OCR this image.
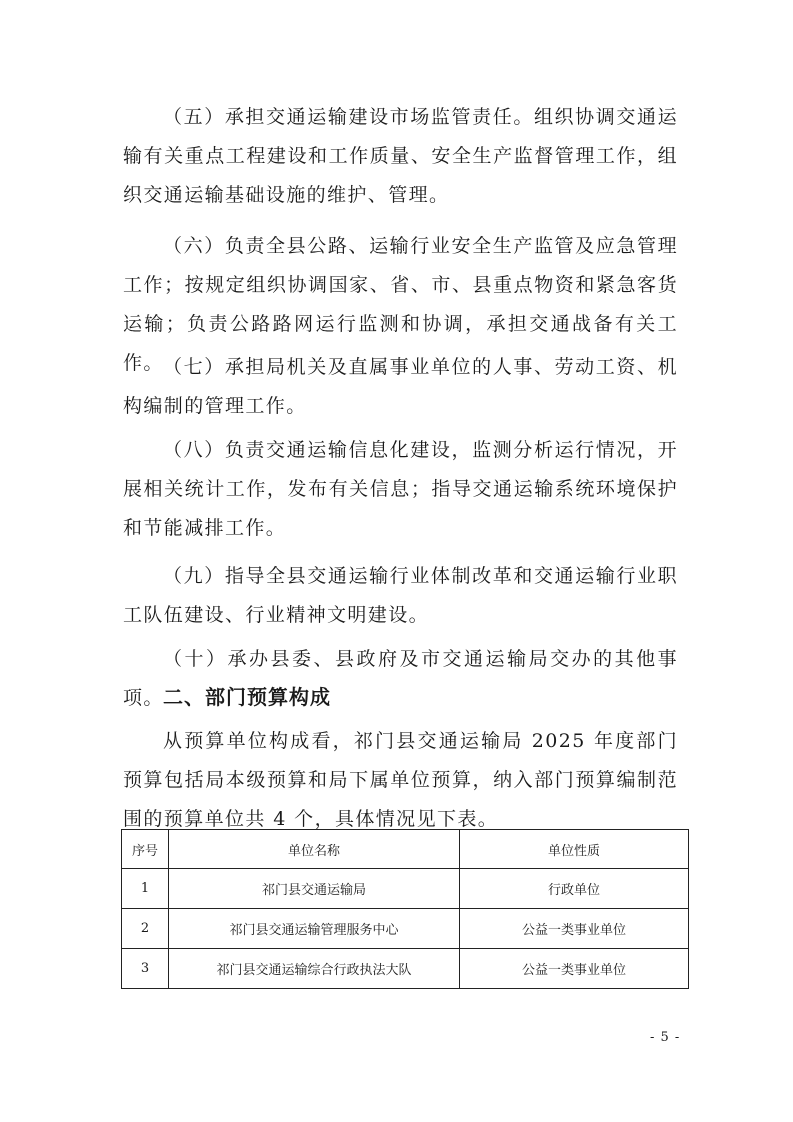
（五）承担交通运输建设市场监管责任。组织协调交通运输有关重点工程建设和工作质量、安全生产监督管理工作，组织交通运输基础设施的维护、管理。

（六）负责全县公路、运输行业安全生产监管及应急管理工作；按规定组织协调国家、省、市、县重点物资和紧急客货运输；负责公路路网运行监测和协调，承担交通战备有关工作。 （七）承担局机关及直属事业单位的人事、劳动工资、机构编制的管理工作。

（八）负责交通运输信息化建设，监测分析运行情况，开展相关统计工作，发布有关信息；指导交通运输系统环境保护和节能减排工作。

（九）指导全县交通运输行业体制改革和交通运输行业职工队伍建设、行业精神文明建设。

（十）承办县委、县政府及市交通运输局交办的其他事项。 二、部门预算构成

从预算单位构成看，祁门县交通运输局 2025 年度部门预算包括局本级预算和局下属单位预算，纳入部门预算编制范围的预算单位共 4 个，具体情况见下表。

序号	单位名称	单位性质
1	祁门县交通运输局	行政单位
2	祁门县交通运输管理服务中心	公益一类事业单位
3	祁门县交通运输综合行政执法大队	公益一类事业单位
- 5 -
